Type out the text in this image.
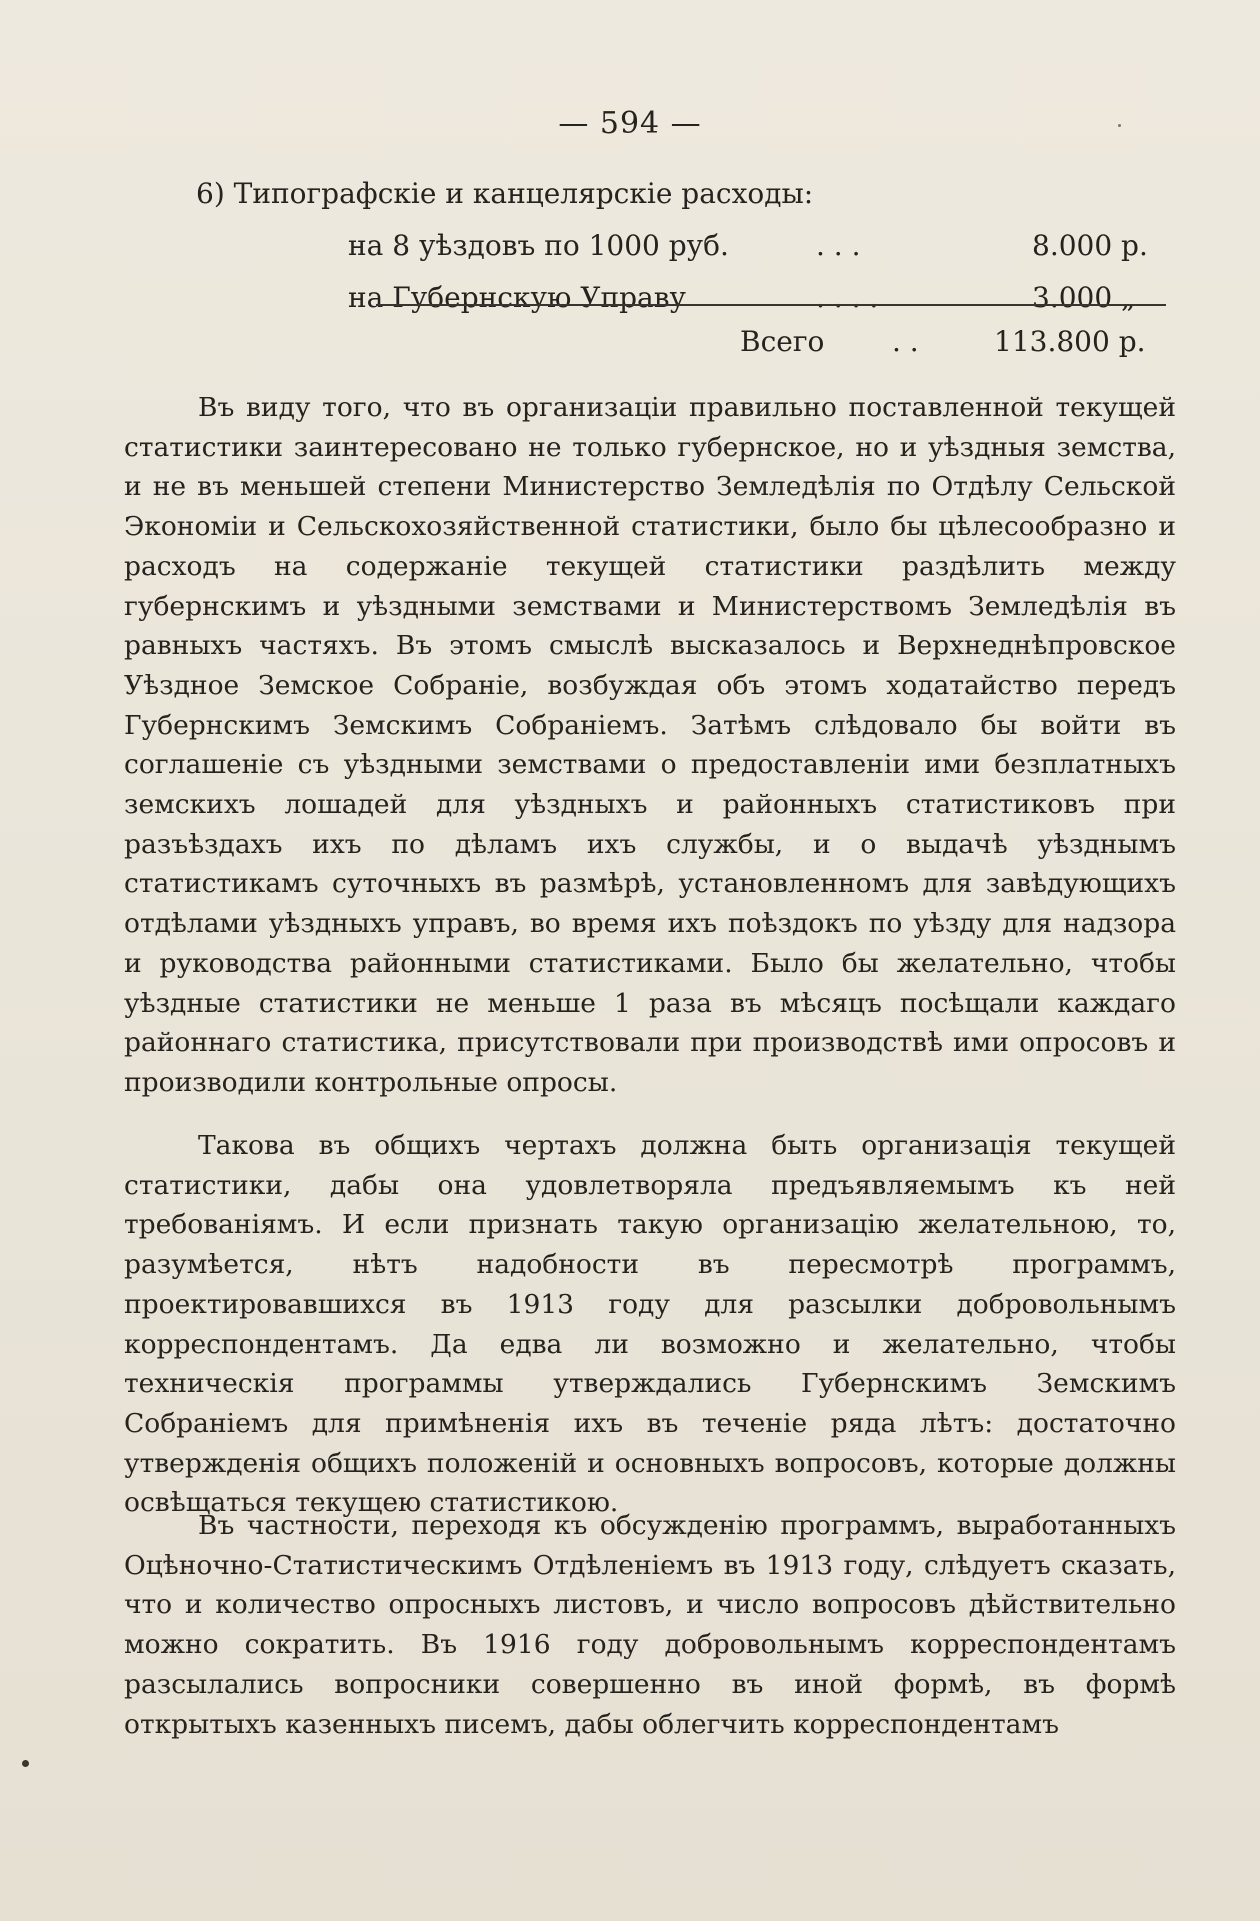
— 594 —

6) Типографскіе и канцелярскіе расходы:

на 8 уѣздовъ по 1000 руб.	. . .	8.000 р.
на Губернскую Управу	. . . .	3.000 „
Всего . .	113.800 р.

Въ виду того, что въ организаціи правильно поставленной текущей статистики заинтересовано не только губернское, но и уѣздныя земства, и не въ меньшей степени Министерство Земледѣлія по Отдѣлу Сельской Экономіи и Сельскохозяйственной статистики, было бы цѣлесообразно и расходъ на содержаніе текущей статистики раздѣлить между губернскимъ и уѣздными земствами и Министерствомъ Земледѣлія въ равныхъ частяхъ. Въ этомъ смыслѣ высказалось и Верхнеднѣпровское Уѣздное Земское Собраніе, возбуждая объ этомъ ходатайство передъ Губернскимъ Земскимъ Собраніемъ. Затѣмъ слѣдовало бы войти въ соглашеніе съ уѣздными земствами о предоставленіи ими безплатныхъ земскихъ лошадей для уѣздныхъ и районныхъ статистиковъ при разъѣздахъ ихъ по дѣламъ ихъ службы, и о выдачѣ уѣзднымъ статистикамъ суточныхъ въ размѣрѣ, установленномъ для завѣдующихъ отдѣлами уѣздныхъ управъ, во время ихъ поѣздокъ по уѣзду для надзора и руководства районными статистиками. Было бы желательно, чтобы уѣздные статистики не меньше 1 раза въ мѣсяцъ посѣщали каждаго районнаго статистика, присутствовали при производствѣ ими опросовъ и производили контрольные опросы.

Такова въ общихъ чертахъ должна быть организація текущей статистики, дабы она удовлетворяла предъявляемымъ къ ней требованіямъ. И если признать такую организацію желательною, то, разумѣется, нѣтъ надобности въ пересмотрѣ программъ, проектировавшихся въ 1913 году для разсылки добровольнымъ корреспондентамъ. Да едва ли возможно и желательно, чтобы техническія программы утверждались Губернскимъ Земскимъ Собраніемъ для примѣненія ихъ въ теченіе ряда лѣтъ: достаточно утвержденія общихъ положеній и основныхъ вопросовъ, которые должны освѣщаться текущею статистикою.

Въ частности, переходя къ обсужденію программъ, выработанныхъ Оцѣночно-Статистическимъ Отдѣленіемъ въ 1913 году, слѣдуетъ сказать, что и количество опросныхъ листовъ, и число вопросовъ дѣйствительно можно сократить. Въ 1916 году добровольнымъ корреспондентамъ разсылались вопросники совершенно въ иной формѣ, въ формѣ открытыхъ казенныхъ писемъ, дабы облегчить корреспондентамъ
